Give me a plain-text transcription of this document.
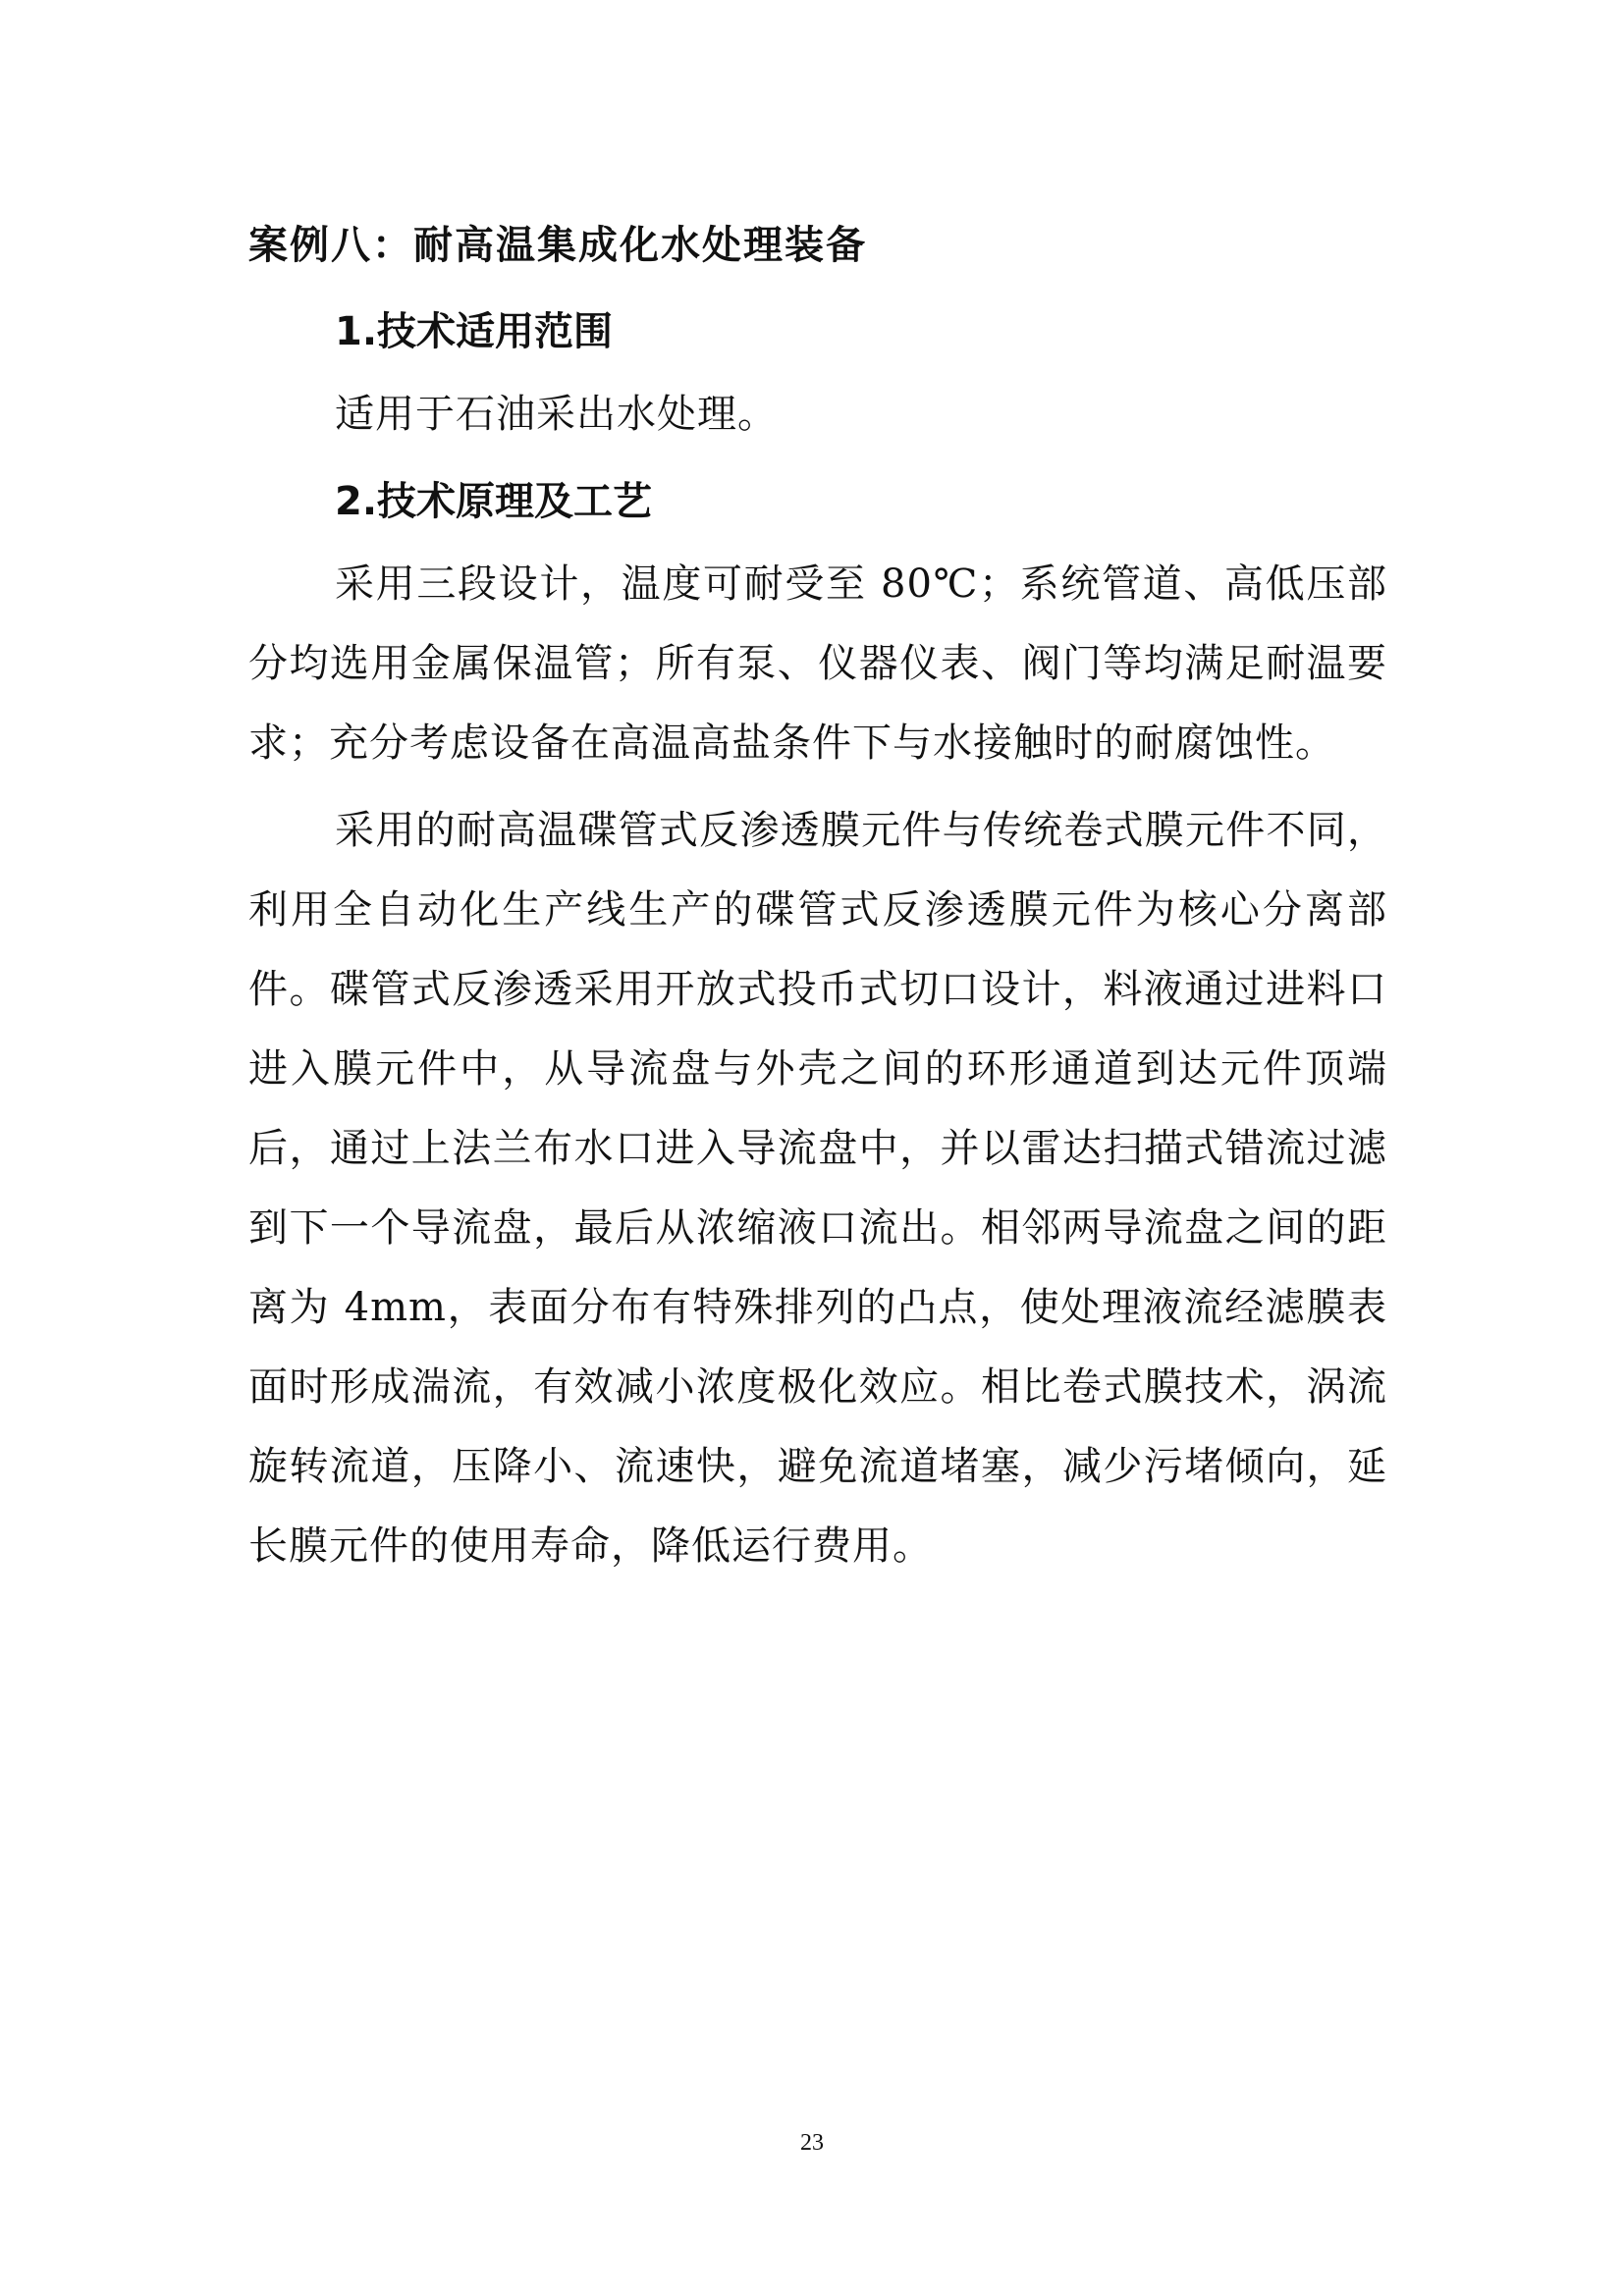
案例八：耐高温集成化水处理装备

1.技术适用范围

适用于石油采出水处理。

2.技术原理及工艺

采用三段设计，温度可耐受至 80℃；系统管道、高低压部分均选用金属保温管；所有泵、仪器仪表、阀门等均满足耐温要求；充分考虑设备在高温高盐条件下与水接触时的耐腐蚀性。

采用的耐高温碟管式反渗透膜元件与传统卷式膜元件不同，利用全自动化生产线生产的碟管式反渗透膜元件为核心分离部件。碟管式反渗透采用开放式投币式切口设计，料液通过进料口进入膜元件中，从导流盘与外壳之间的环形通道到达元件顶端后，通过上法兰布水口进入导流盘中，并以雷达扫描式错流过滤到下一个导流盘，最后从浓缩液口流出。相邻两导流盘之间的距离为 4mm，表面分布有特殊排列的凸点，使处理液流经滤膜表面时形成湍流，有效减小浓度极化效应。相比卷式膜技术，涡流旋转流道，压降小、流速快，避免流道堵塞，减少污堵倾向，延长膜元件的使用寿命，降低运行费用。

23
